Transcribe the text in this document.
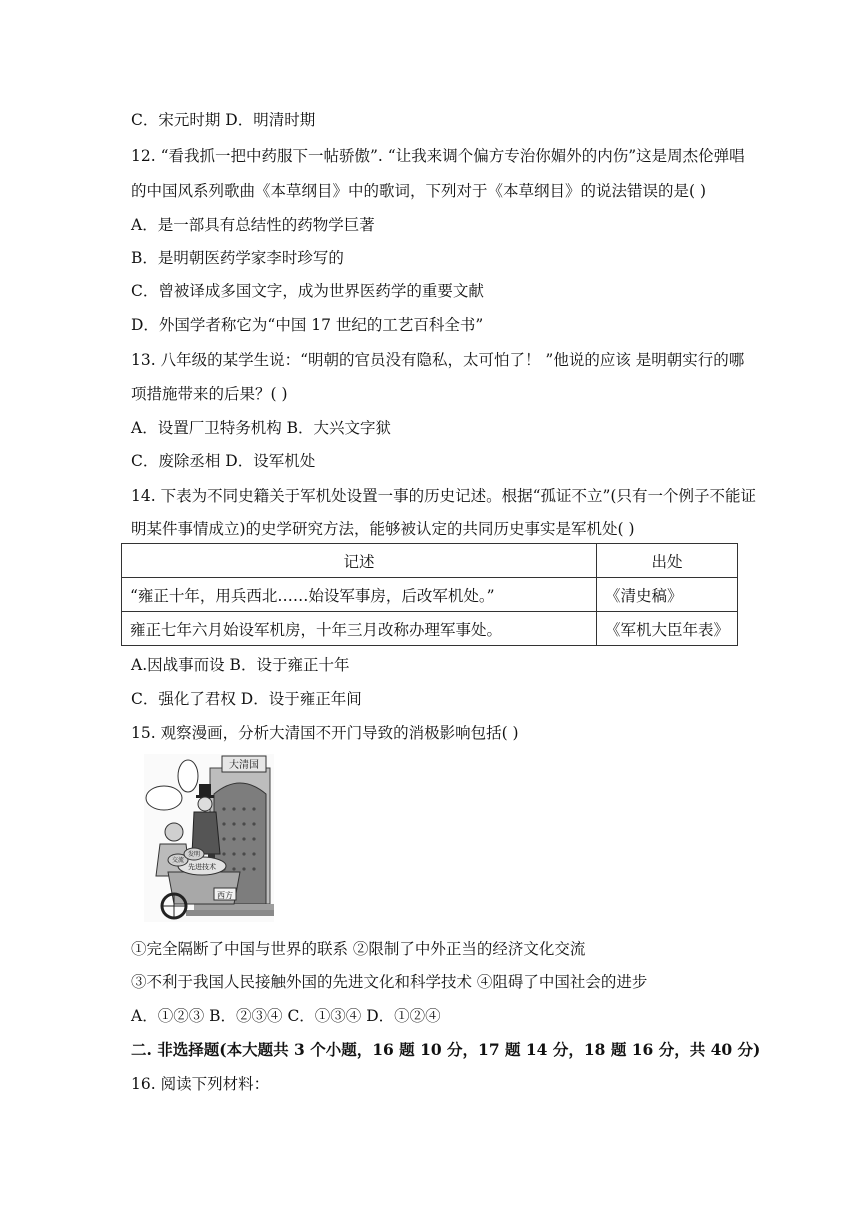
C．宋元时期 D．明清时期
12. “看我抓一把中药服下一帖骄傲”. “让我来调个偏方专治你媚外的内伤”这是周杰伦弹唱
的中国风系列歌曲《本草纲目》中的歌词，下列对于《本草纲目》的说法错误的是( )
A．是一部具有总结性的药物学巨著
B．是明朝医药学家李时珍写的
C．曾被译成多国文字，成为世界医药学的重要文献
D．外国学者称它为“中国 17 世纪的工艺百科全书”
13. 八年级的某学生说：“明朝的官员没有隐私，太可怕了！ ”他说的应该 是明朝实行的哪
项措施带来的后果？( )
A．设置厂卫特务机构 B．大兴文字狱
C．废除丞相 D．设军机处
14. 下表为不同史籍关于军机处设置一事的历史记述。根据“孤证不立”(只有一个例子不能证
明某件事情成立)的史学研究方法，能够被认定的共同历史事实是军机处( )
记述	出处
“雍正十年，用兵西北……始设军事房，后改军机处。”	《清史稿》
雍正七年六月始设军机房，十年三月改称办理军事处。	《军机大臣年表》
A.因战事而设 B．设于雍正十年
C．强化了君权 D．设于雍正年间
15. 观察漫画，分析大清国不开门导致的消极影响包括( )
大清国
先进技术
交流
发明
西方
①完全隔断了中国与世界的联系 ②限制了中外正当的经济文化交流
③不利于我国人民接触外国的先进文化和科学技术 ④阻碍了中国社会的进步
A．①②③ B．②③④ C．①③④ D．①②④
二. 非选择题(本大题共 3 个小题，16 题 10 分，17 题 14 分，18 题 16 分，共 40 分)
16. 阅读下列材料：
